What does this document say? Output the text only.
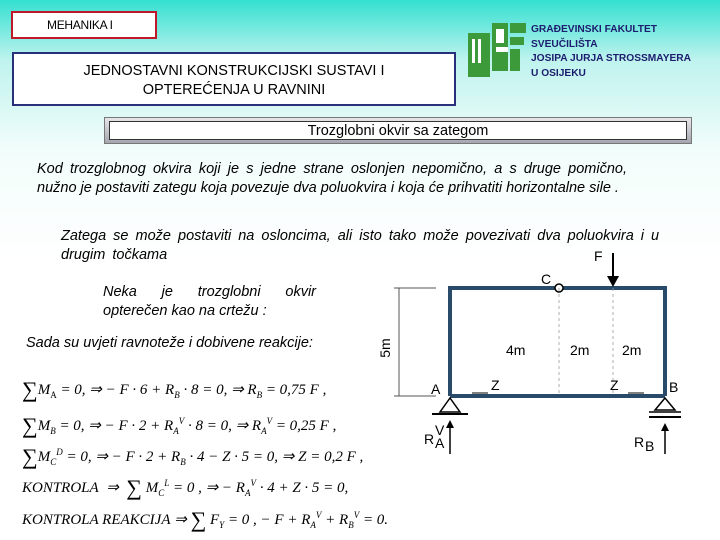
MEHANIKA I
JEDNOSTAVNI KONSTRUKCIJSKI SUSTAVI I
OPTEREĆENJA U RAVNINI
GRAĐEVINSKI FAKULTET
SVEUČILIŠTA
JOSIPA JURJA STROSSMAYERA
U OSIJEKU
Trozglobni okvir sa zategom
Kod trozglobnog okvira koji je s jedne strane oslonjen nepomično, a s druge pomično, nužno je postaviti zategu koja povezuje dva poluokvira i koja će prihvatiti horizontalne sile .
Zatega se može postaviti na osloncima, ali isto tako može povezivati dva poluokvira i u drugim točkama
Neka je trozglobni okvir opterečen kao na crtežu :
Sada su uvjeti ravnoteže i dobivene reakcije:
$\sum M_A = 0$, ⇒ − $F \cdot 6 + R_B \cdot 8 = 0$, ⇒ $R_B = 0,75$ F ,
$\sum M_B = 0$, ⇒ − $F \cdot 2 + R_A^V \cdot 8 = 0$, ⇒ $R_A^V = 0,25$ F ,
$\sum M_C^D = 0$, ⇒ − $F \cdot 2 + R_B \cdot 4 - Z \cdot 5 = 0$, ⇒ Z = 0,2 F ,
KONTROLA  ⇒  ∑ $M_C^L = 0$ , ⇒ − $R_A^V \cdot 4 + Z \cdot 5 = 0$,
KONTROLA REAKCIJA ⇒ ∑ $F_Y = 0$ , − $F + R_A^V + R_B^V = 0$.
5m
C
F
4m	2m 2m
Z	Z
A	B
R A
V
R B
